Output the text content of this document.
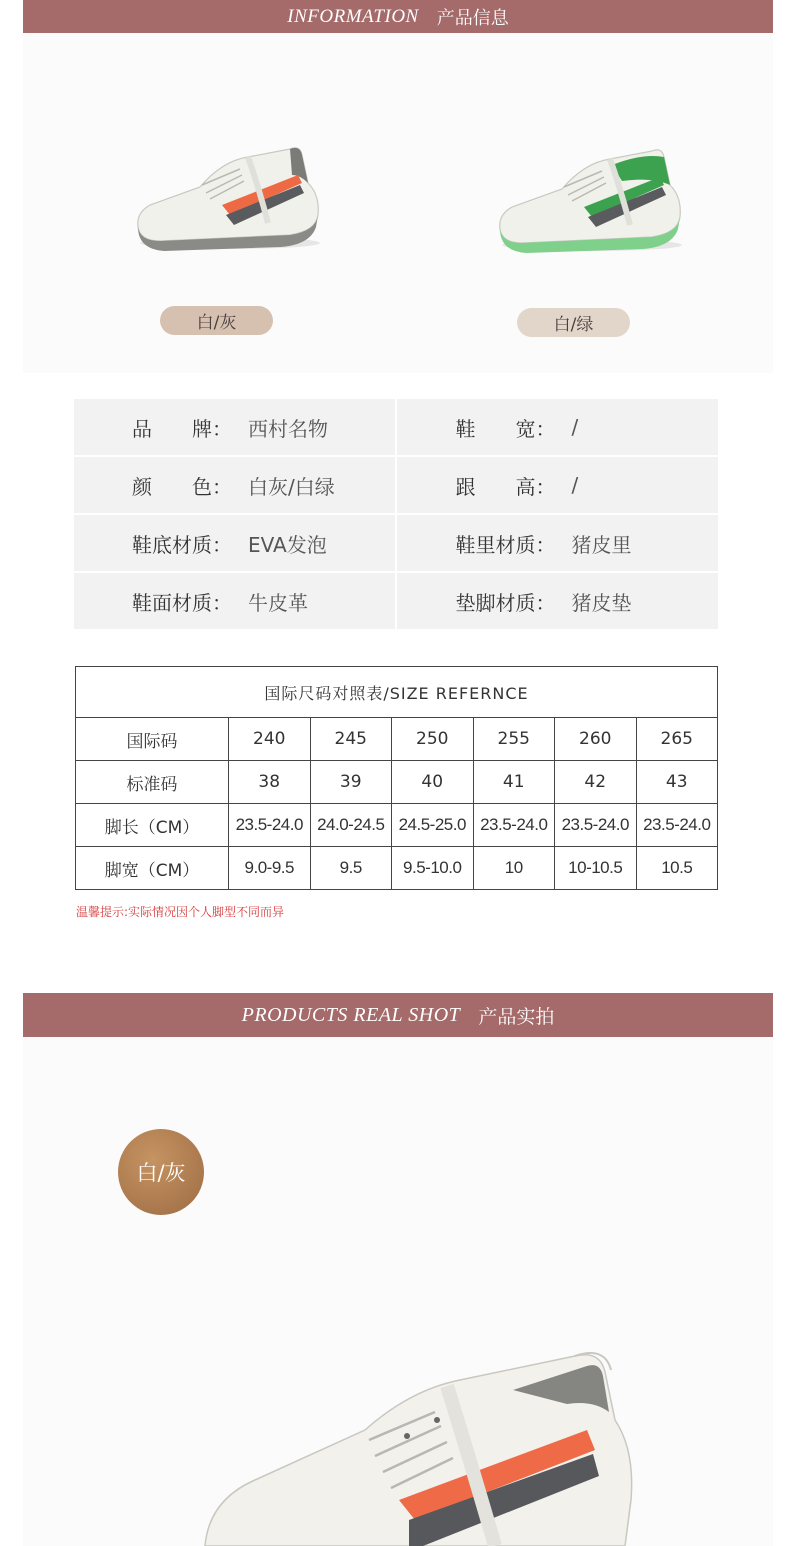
INFORMATION 产品信息
白/灰	白/绿
品　　牌： 西村名物	鞋　　宽： /
颜　　色： 白灰/白绿	跟　　高： /
鞋底材质： EVA发泡	鞋里材质： 猪皮里
鞋面材质： 牛皮革	垫脚材质： 猪皮垫
国际尺码对照表/SIZE REFERNCE						
国际码	240	245	250	255	260	265
标准码	38	39	40	41	42	43
脚长（CM）	23.5-24.0	24.0-24.5	24.5-25.0	23.5-24.0	23.5-24.0	23.5-24.0
脚宽（CM）	9.0-9.5	9.5	9.5-10.0	10	10-10.5	10.5
温馨提示:实际情况因个人脚型不同而异
PRODUCTS REAL SHOT 产品实拍
白/灰
